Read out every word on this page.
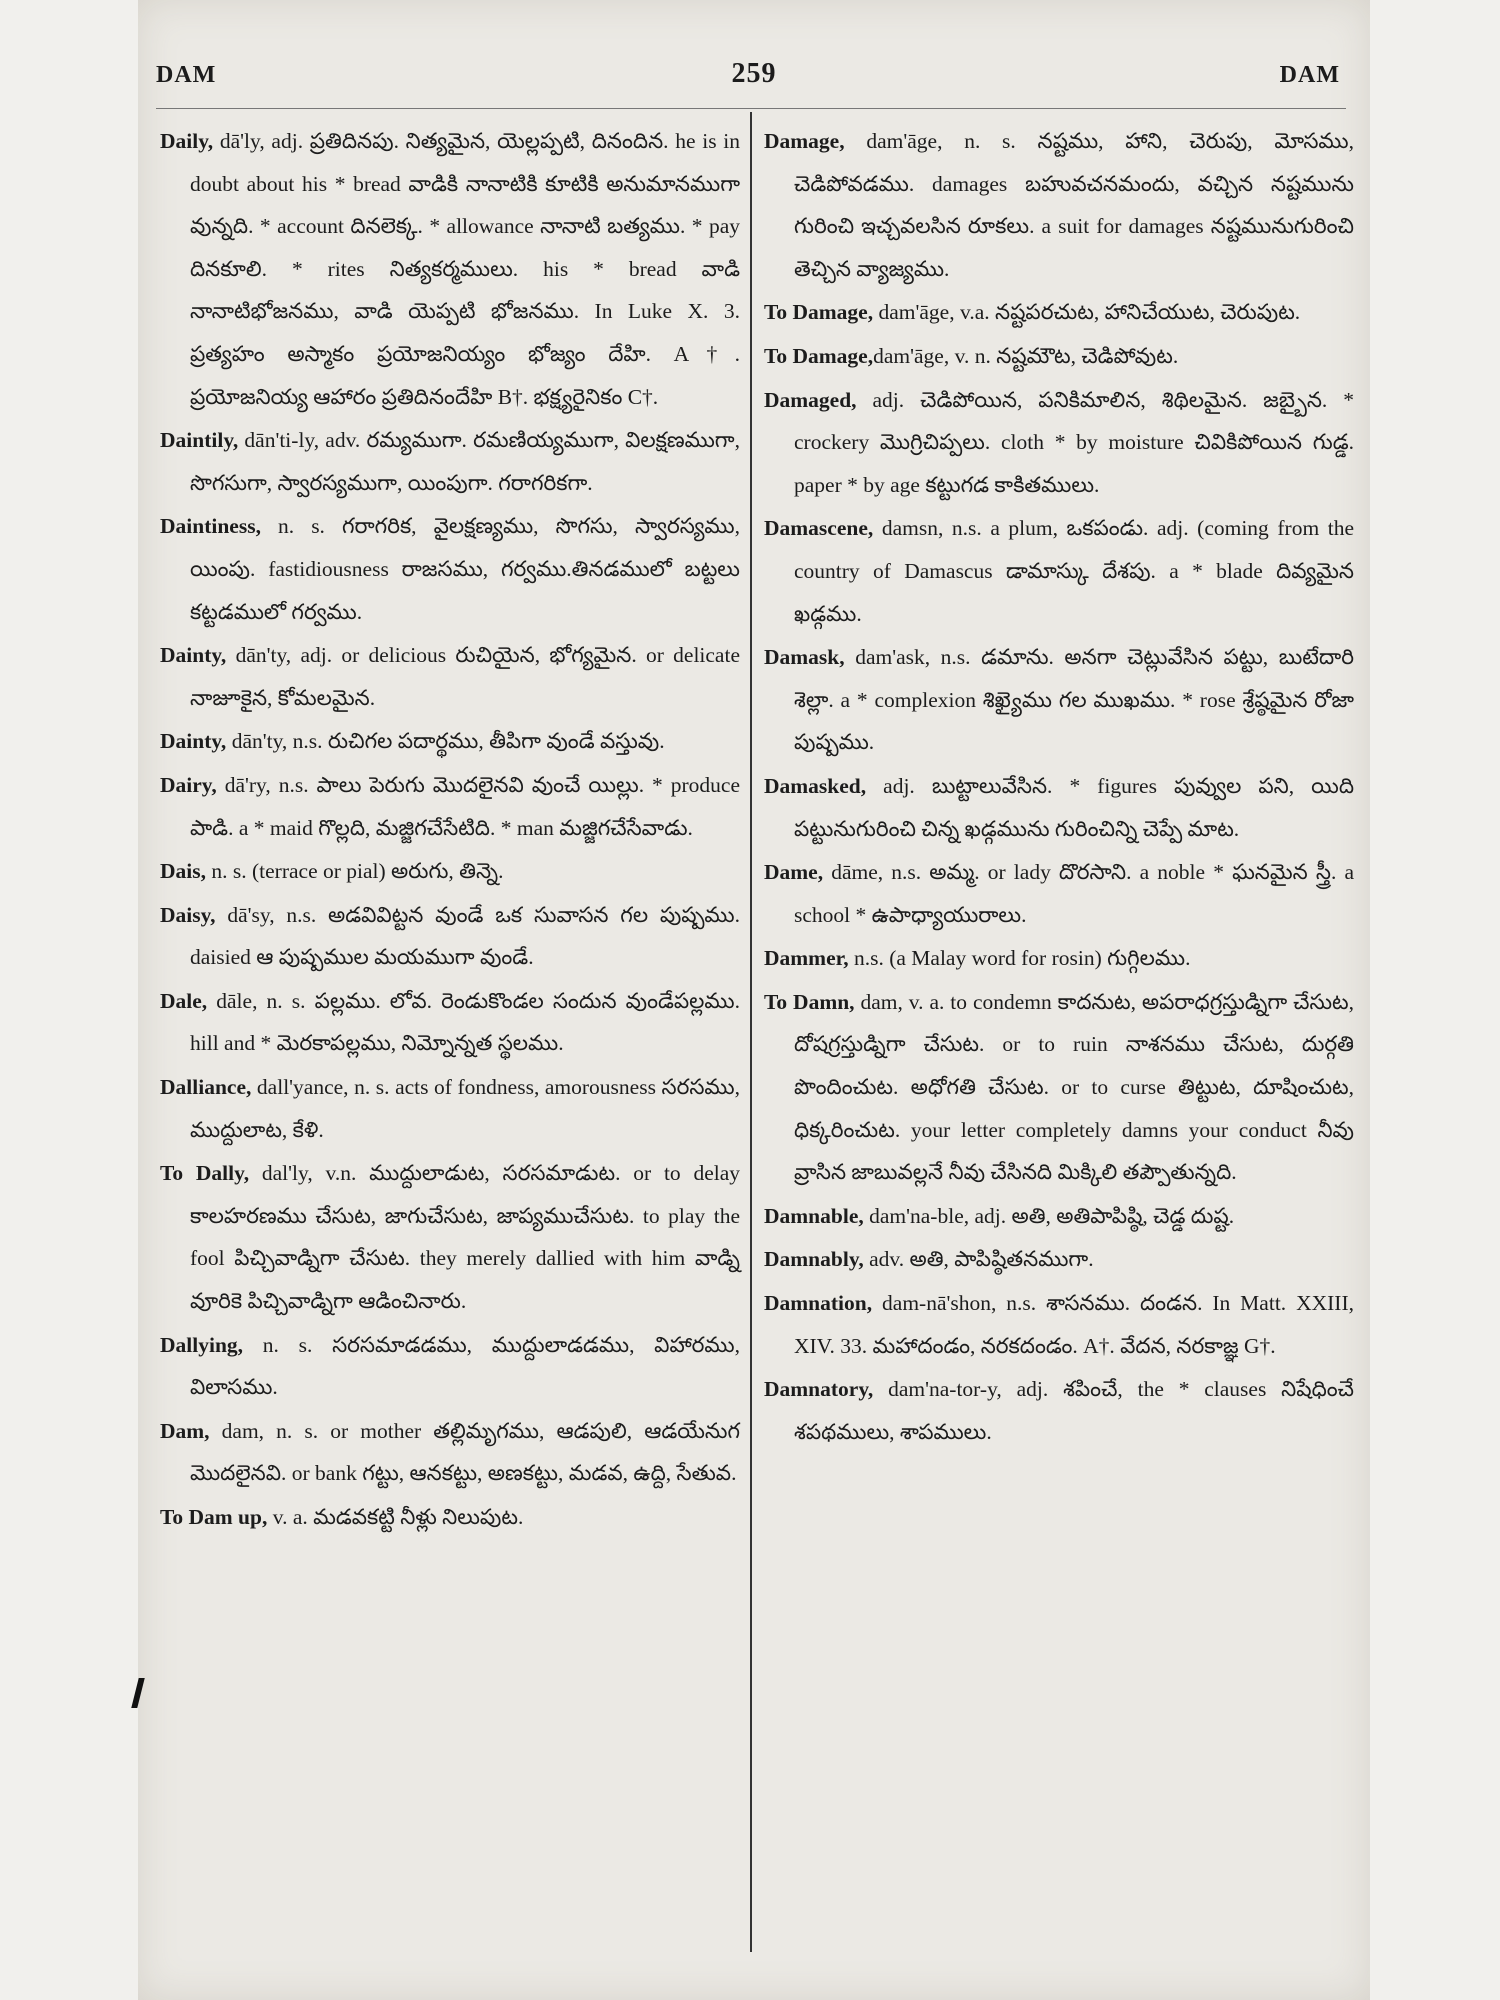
DAM	259	DAM
Daily, dā'ly, adj. ప్రతిదినపు. నిత్యమైన, యెల్లప్పటి, దినందిన. he is in doubt about his * bread వాడికి నానాటికి కూటికి అనుమానముగా వున్నది. * account దినలెక్క. * allowance నానాటి బత్యము. * pay దినకూలి. * rites నిత్యకర్మములు. his * bread వాడి నానాటిభోజనము, వాడి యెప్పటి భోజనము. In Luke X. 3. ప్రత్యహం అస్మాకం ప్రయోజనియ్యం భోజ్యం దేహి. A†. ప్రయోజనియ్య ఆహారం ప్రతిదినందేహి B†. భక్ష్యరైనికం C†.
Daintily, dān'ti-ly, adv. రమ్యముగా. రమణియ్యముగా, విలక్షణముగా, సొగసుగా, స్వారస్యముగా, యింపుగా. గరాగరికగా.
Daintiness, n. s. గరాగరిక, వైలక్షణ్యము, సొగసు, స్వారస్యము, యింపు. fastidiousness రాజసము, గర్వము.తినడములో బట్టలు కట్టడములో గర్వము.
Dainty, dān'ty, adj. or delicious రుచియైన, భోగ్యమైన. or delicate నాజూకైన, కోమలమైన.
Dainty, dān'ty, n.s. రుచిగల పదార్థము, తీపిగా వుండే వస్తువు.
Dairy, dā'ry, n.s. పాలు పెరుగు మొదలైనవి వుంచే యిల్లు. * produce పాడి. a * maid గొల్లది, మజ్జిగచేసేటిది. * man మజ్జిగచేసేవాడు.
Dais, n. s. (terrace or pial) అరుగు, తిన్నె.
Daisy, dā'sy, n.s. అడవివిట్టన వుండే ఒక సువాసన గల పుష్పము. daisied ఆ పుష్పముల మయముగా వుండే.
Dale, dāle, n. s. పల్లము. లోవ. రెండుకొండల సందున వుండేపల్లము. hill and * మెరకాపల్లము, నిమ్నోన్నత స్థలము.
Dalliance, dall'yance, n. s. acts of fondness, amorousness సరసము, ముద్దులాట, కేళి.
To Dally, dal'ly, v.n. ముద్దులాడుట, సరసమాడుట. or to delay కాలహరణము చేసుట, జాగుచేసుట, జాప్యముచేసుట. to play the fool పిచ్చివాడ్నిగా చేసుట. they merely dallied with him వాడ్ని వూరికె పిచ్చివాడ్నిగా ఆడించినారు.
Dallying, n. s. సరసమాడడము, ముద్దులాడడము, విహారము, విలాసము.
Dam, dam, n. s. or mother తల్లిమృగము, ఆడపులి, ఆడయేనుగ మొదలైనవి. or bank గట్టు, ఆనకట్టు, అణకట్టు, మడవ, ఉద్ది, సేతువ.
To Dam up, v. a. మడవకట్టి నీళ్లు నిలుపుట.
Damage, dam'āge, n. s. నష్టము, హాని, చెరుపు, మోసము, చెడిపోవడము. damages బహువచనమందు, వచ్చిన నష్టమును గురించి ఇచ్చవలసిన రూకలు. a suit for damages నష్టమునుగురించి తెచ్చిన వ్యాజ్యము.
To Damage, dam'āge, v.a. నష్టపరచుట, హానిచేయుట, చెరుపుట.
To Damage,dam'āge, v. n. నష్టమౌట, చెడిపోవుట.
Damaged, adj. చెడిపోయిన, పనికిమాలిన, శిథిలమైన. జబ్బైన. * crockery మొగ్రిచిప్పలు. cloth * by moisture చివికిపోయిన గుడ్డ. paper * by age కట్టుగడ కాకితములు.
Damascene, damsn, n.s. a plum, ఒకపండు. adj. (coming from the country of Damascus డామాస్కు దేశపు. a * blade దివ్యమైన ఖడ్గము.
Damask, dam'ask, n.s. డమాను. అనగా చెట్లువేసిన పట్టు, బుటేదారి శెల్లా. a * complexion శిఖ్యైము గల ముఖము. * rose శ్రేష్ఠమైన రోజా పుష్పము.
Damasked, adj. బుట్టాలువేసిన. * figures పువ్వుల పని, యిది పట్టునుగురించి చిన్న ఖడ్గమును గురించిన్ని చెప్పే మాట.
Dame, dāme, n.s. అమ్మ. or lady దొరసాని. a noble * ఘనమైన స్త్రీ. a school * ఉపాధ్యాయురాలు.
Dammer, n.s. (a Malay word for rosin) గుగ్గిలము.
To Damn, dam, v. a. to condemn కాదనుట, అపరాధగ్రస్తుడ్నిగా చేసుట, దోషగ్రస్తుడ్నిగా చేసుట. or to ruin నాశనము చేసుట, దుర్గతి పొందించుట. అధోగతి చేసుట. or to curse తిట్టుట, దూషించుట, ధిక్కరించుట. your letter completely damns your conduct నీవు వ్రాసిన జాబువల్లనే నీవు చేసినది మిక్కిలి తప్పౌతున్నది.
Damnable, dam'na-ble, adj. అతి, అతిపాపిష్ఠి, చెడ్డ దుష్ట.
Damnably, adv. అతి, పాపిష్ఠితనముగా.
Damnation, dam-nā'shon, n.s. శాసనము. దండన. In Matt. XXIII, XIV. 33. మహాదండం, నరకదండం. A†. వేదన, నరకాజ్ఞ G†.
Damnatory, dam'na-tor-y, adj. శపించే, the * clauses నిషేధించే శపథములు, శాపములు.
